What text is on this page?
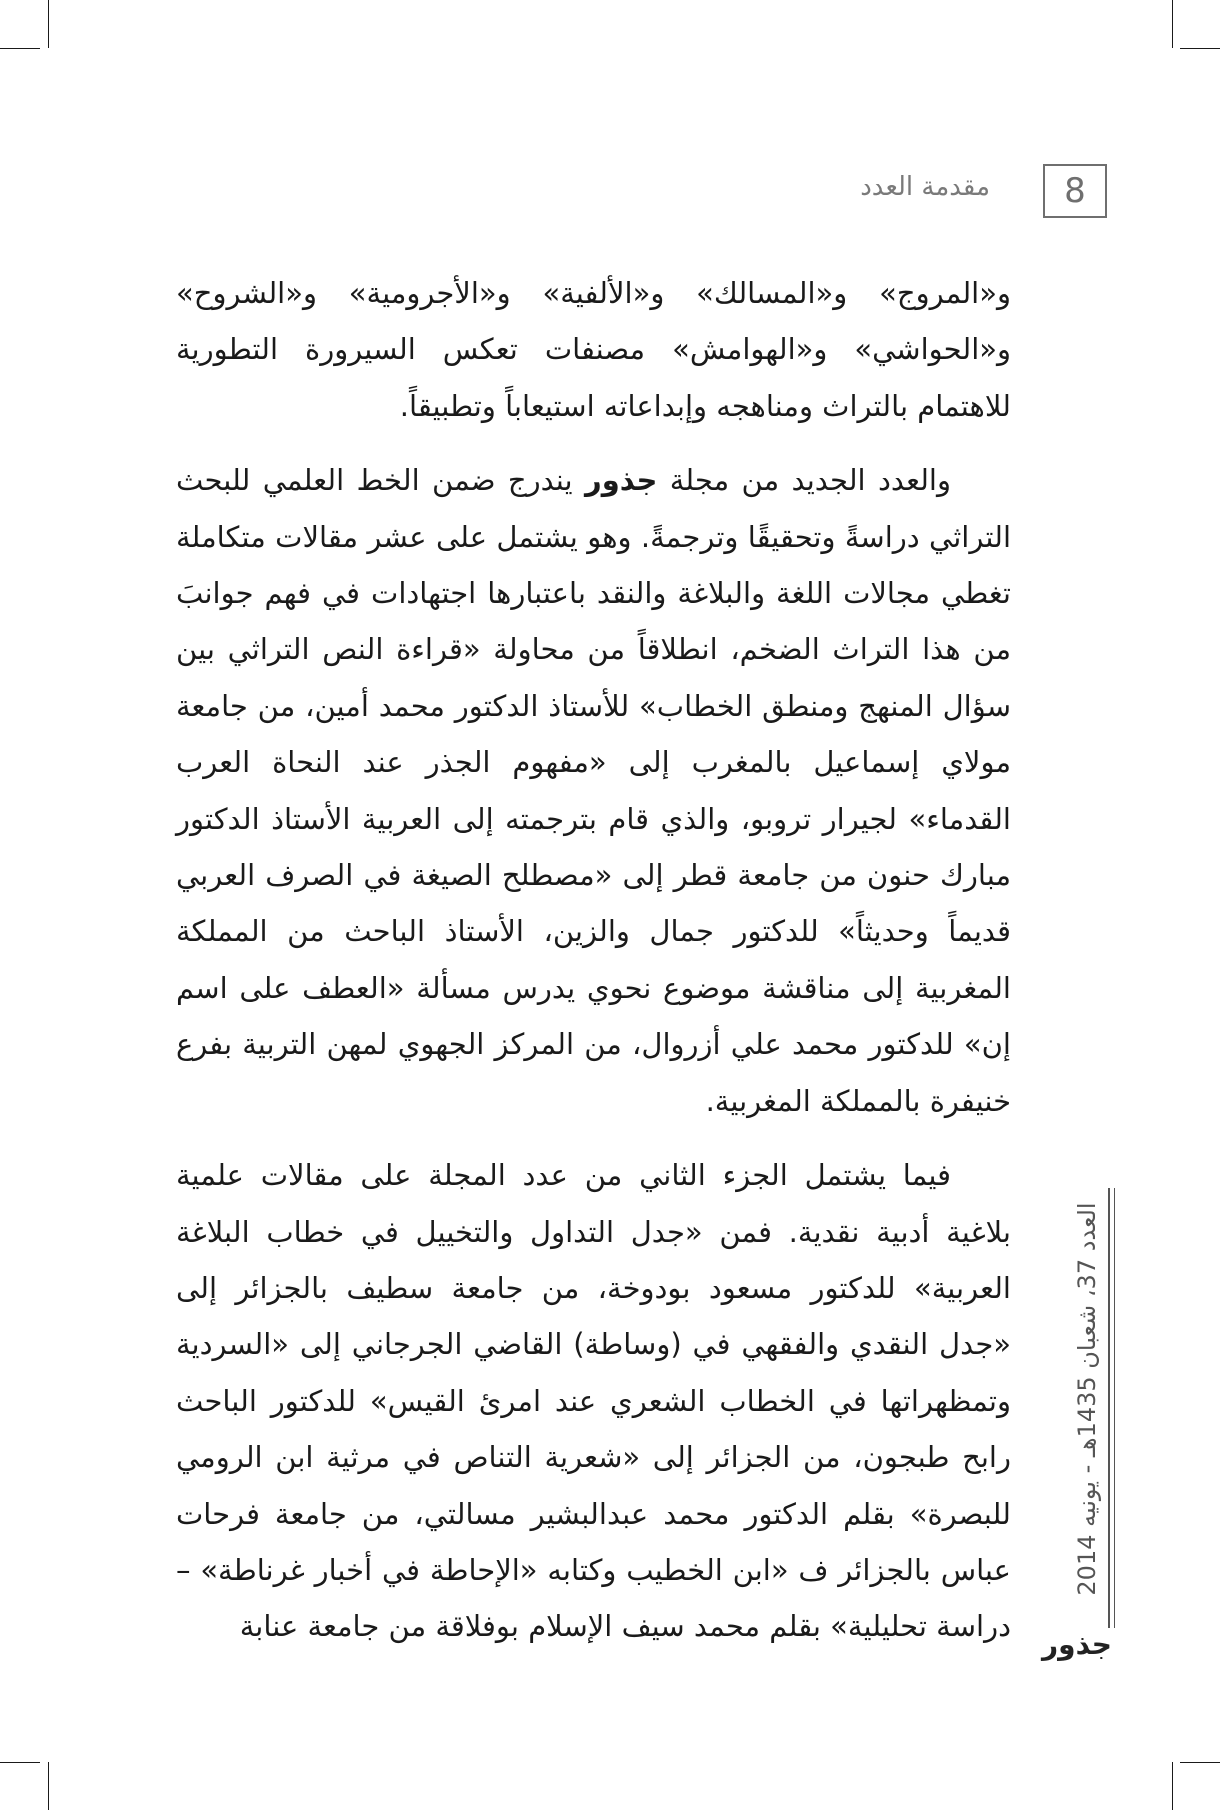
مقدمة العدد	8

و«المروج» و«المسالك» و«الألفية» و«الأجرومية» و«الشروح» و«الحواشي» و«الهوامش» مصنفات تعكس السيرورة التطورية للاهتمام بالتراث ومناهجه وإبداعاته استيعاباً وتطبيقاً.

والعدد الجديد من مجلة جذور يندرج ضمن الخط العلمي للبحث التراثي دراسةً وتحقيقًا وترجمةً. وهو يشتمل على عشر مقالات متكاملة تغطي مجالات اللغة والبلاغة والنقد باعتبارها اجتهادات في فهم جوانبَ من هذا التراث الضخم، انطلاقاً من محاولة «قراءة النص التراثي بين سؤال المنهج ومنطق الخطاب» للأستاذ الدكتور محمد أمين، من جامعة مولاي إسماعيل بالمغرب إلى «مفهوم الجذر عند النحاة العرب القدماء» لجيرار تروبو، والذي قام بترجمته إلى العربية الأستاذ الدكتور مبارك حنون من جامعة قطر إلى «مصطلح الصيغة في الصرف العربي قديماً وحديثاً» للدكتور جمال والزين، الأستاذ الباحث من المملكة المغربية إلى مناقشة موضوع نحوي يدرس مسألة «العطف على اسم إن» للدكتور محمد علي أزروال، من المركز الجهوي لمهن التربية بفرع خنيفرة بالمملكة المغربية.

فيما يشتمل الجزء الثاني من عدد المجلة على مقالات علمية بلاغية أدبية نقدية. فمن «جدل التداول والتخييل في خطاب البلاغة العربية» للدكتور مسعود بودوخة، من جامعة سطيف بالجزائر إلى «جدل النقدي والفقهي في (وساطة) القاضي الجرجاني إلى «السردية وتمظهراتها في الخطاب الشعري عند امرئ القيس» للدكتور الباحث رابح طبجون، من الجزائر إلى «شعرية التناص في مرثية ابن الرومي للبصرة» بقلم الدكتور محمد عبدالبشير مسالتي، من جامعة فرحات عباس بالجزائر ف «ابن الخطيب وكتابه «الإحاطة في أخبار غرناطة» – دراسة تحليلية» بقلم محمد سيف الإسلام بوفلاقة من جامعة عنابة

العدد 37، شعبان 1435هـ - يونيه 2014
جذور
